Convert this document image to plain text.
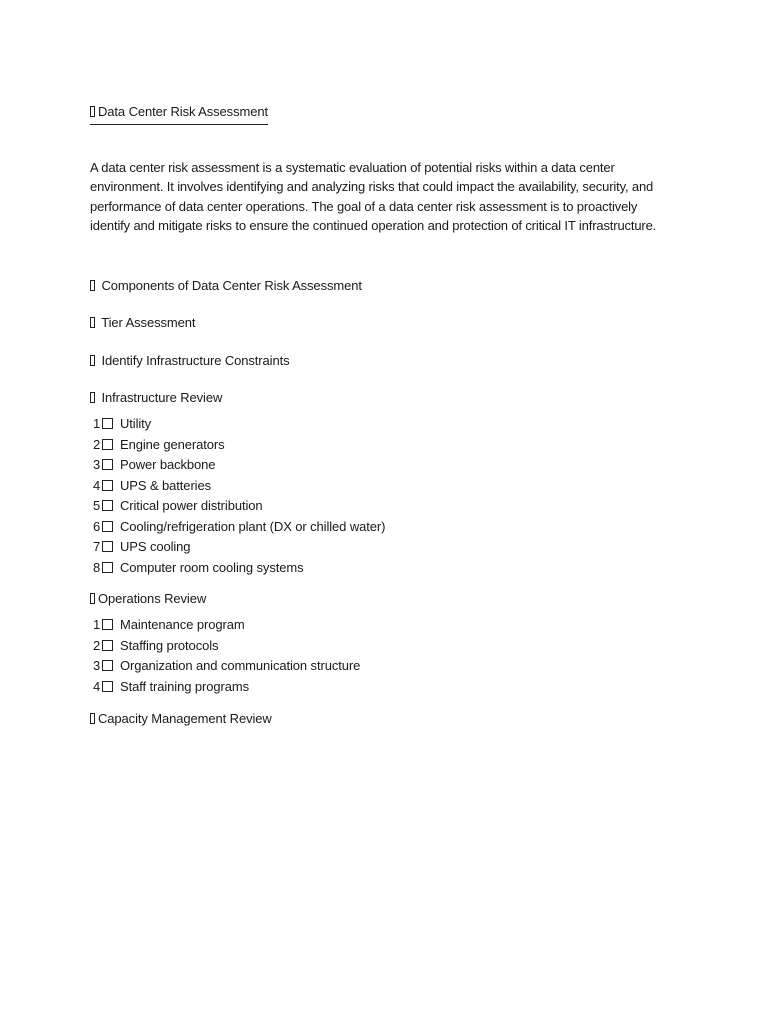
Data Center Risk Assessment

A data center risk assessment is a systematic evaluation of potential risks within a data center environment. It involves identifying and analyzing risks that could impact the availability, security, and performance of data center operations. The goal of a data center risk assessment is to proactively identify and mitigate risks to ensure the continued operation and protection of critical IT infrastructure.

Components of Data Center Risk Assessment
Tier Assessment
Identify Infrastructure Constraints
Infrastructure Review
1 Utility
2 Engine generators
3 Power backbone
4 UPS & batteries
5 Critical power distribution
6 Cooling/refrigeration plant (DX or chilled water)
7 UPS cooling
8 Computer room cooling systems
Operations Review
1 Maintenance program
2 Staffing protocols
3 Organization and communication structure
4 Staff training programs
Capacity Management Review
